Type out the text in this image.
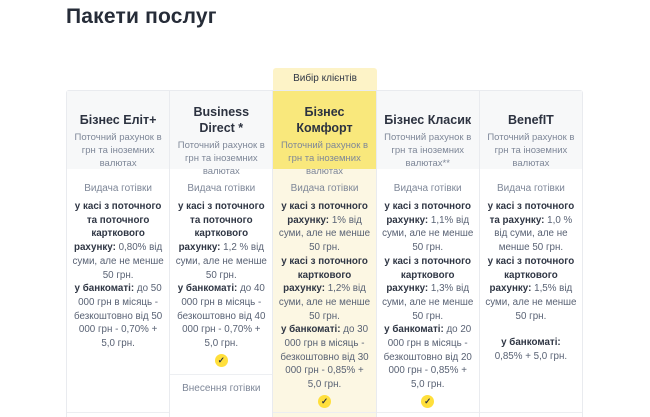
Пакети послуг
Вибір клієнтів
Бізнес Еліт+
Поточний рахунок в грн та іноземних валютах
Видача готівки

у касі з поточного та поточного карткового рахунку: 0,80% від суми, але не менше 50 грн.

у банкоматі: до 50 000 грн в місяць - безкоштовно від 50 000 грн - 0,70% + 5,0 грн.

Business Direct *
Поточний рахунок в грн та іноземних валютах
Видача готівки

у касі з поточного та поточного карткового рахунку: 1,2 % від суми, але не менше 50 грн.

у банкоматі: до 40 000 грн в місяць - безкоштовно від 40 000 грн - 0,70% + 5,0 грн.

✓
Внесення готівки
Бізнес Комфорт
Поточний рахунок в грн та іноземних валютах
Видача готівки

у касі з поточного рахунку: 1% від суми, але не менше 50 грн.

у касі з поточного карткового рахунку: 1,2% від суми, але не менше 50 грн.

у банкоматі: до 30 000 грн в місяць - безкоштовно від 30 000 грн - 0,85% + 5,0 грн.

✓
Бізнес Класик
Поточний рахунок в грн та іноземних валютах**
Видача готівки

у касі з поточного рахунку: 1,1% від суми, але не менше 50 грн.

у касі з поточного карткового рахунку: 1,3% від суми, але не менше 50 грн.

у банкоматі: до 20 000 грн в місяць - безкоштовно від 20 000 грн - 0,85% + 5,0 грн.

✓
BenefIT
Поточний рахунок в грн та іноземних валютах
Видача готівки

у касі з поточного та рахунку: 1,0 % від суми, але не менше 50 грн.

у касі з поточного карткового рахунку: 1,5% від суми, але не менше 50 грн.

у банкоматі:
0,85% + 5,0 грн.
